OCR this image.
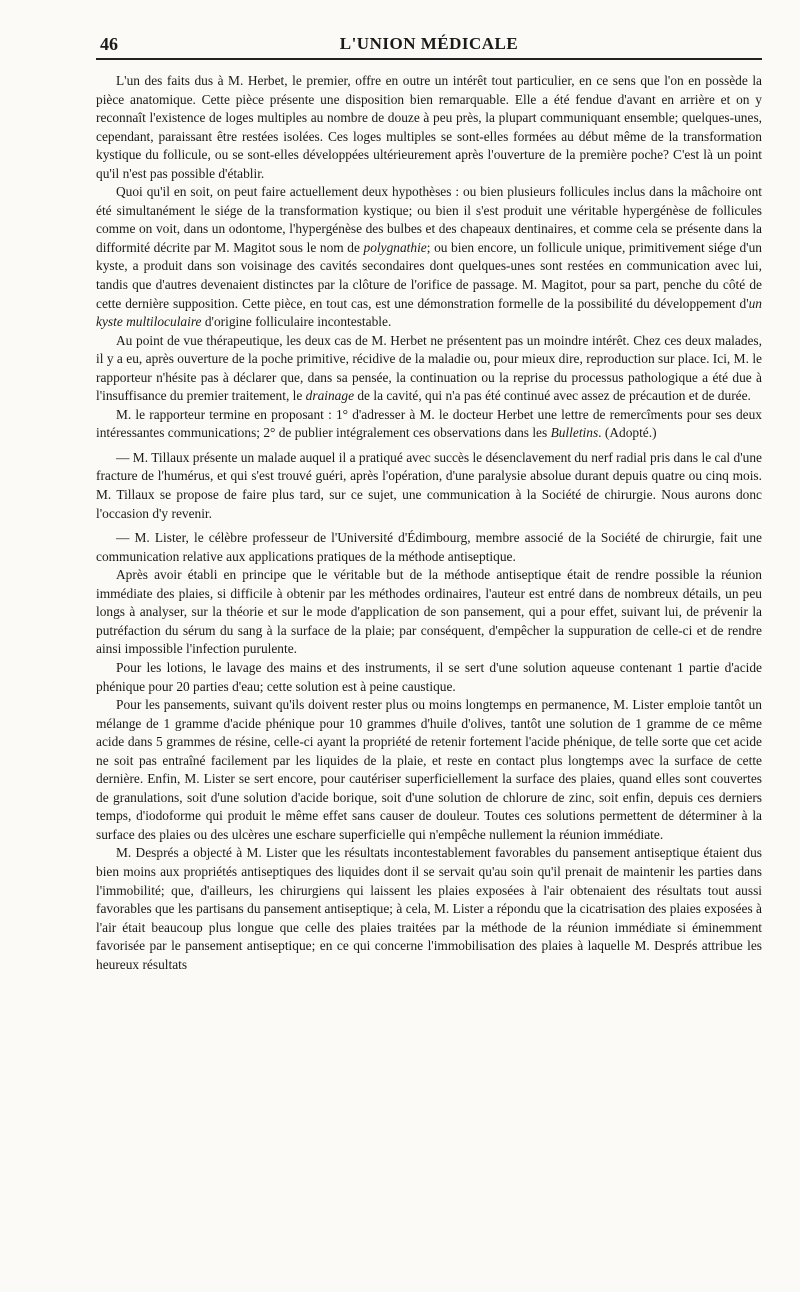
46	L'UNION MÉDICALE

L'un des faits dus à M. Herbet, le premier, offre en outre un intérêt tout particulier, en ce sens que l'on en possède la pièce anatomique. Cette pièce présente une disposition bien remarquable. Elle a été fendue d'avant en arrière et on y reconnaît l'existence de loges multiples au nombre de douze à peu près, la plupart communiquant ensemble; quelques-unes, cependant, paraissant être restées isolées. Ces loges multiples se sont-elles formées au début même de la transformation kystique du follicule, ou se sont-elles développées ultérieurement après l'ouverture de la première poche? C'est là un point qu'il n'est pas possible d'établir.

Quoi qu'il en soit, on peut faire actuellement deux hypothèses : ou bien plusieurs follicules inclus dans la mâchoire ont été simultanément le siége de la transformation kystique; ou bien il s'est produit une véritable hypergénèse de follicules comme on voit, dans un odontome, l'hypergénèse des bulbes et des chapeaux dentinaires, et comme cela se présente dans la difformité décrite par M. Magitot sous le nom de polygnathie; ou bien encore, un follicule unique, primitivement siége d'un kyste, a produit dans son voisinage des cavités secondaires dont quelques-unes sont restées en communication avec lui, tandis que d'autres devenaient distinctes par la clôture de l'orifice de passage. M. Magitot, pour sa part, penche du côté de cette dernière supposition. Cette pièce, en tout cas, est une démonstration formelle de la possibilité du développement d'un kyste multiloculaire d'origine folliculaire incontestable.

Au point de vue thérapeutique, les deux cas de M. Herbet ne présentent pas un moindre intérêt. Chez ces deux malades, il y a eu, après ouverture de la poche primitive, récidive de la maladie ou, pour mieux dire, reproduction sur place. Ici, M. le rapporteur n'hésite pas à déclarer que, dans sa pensée, la continuation ou la reprise du processus pathologique a été due à l'insuffisance du premier traitement, le drainage de la cavité, qui n'a pas été continué avec assez de précaution et de durée.

M. le rapporteur termine en proposant : 1° d'adresser à M. le docteur Herbet une lettre de remercîments pour ses deux intéressantes communications; 2° de publier intégralement ces observations dans les Bulletins. (Adopté.)

— M. Tillaux présente un malade auquel il a pratiqué avec succès le désenclavement du nerf radial pris dans le cal d'une fracture de l'humérus, et qui s'est trouvé guéri, après l'opération, d'une paralysie absolue durant depuis quatre ou cinq mois. M. Tillaux se propose de faire plus tard, sur ce sujet, une communication à la Société de chirurgie. Nous aurons donc l'occasion d'y revenir.

— M. Lister, le célèbre professeur de l'Université d'Édimbourg, membre associé de la Société de chirurgie, fait une communication relative aux applications pratiques de la méthode antiseptique.

Après avoir établi en principe que le véritable but de la méthode antiseptique était de rendre possible la réunion immédiate des plaies, si difficile à obtenir par les méthodes ordinaires, l'auteur est entré dans de nombreux détails, un peu longs à analyser, sur la théorie et sur le mode d'application de son pansement, qui a pour effet, suivant lui, de prévenir la putréfaction du sérum du sang à la surface de la plaie; par conséquent, d'empêcher la suppuration de celle-ci et de rendre ainsi impossible l'infection purulente.

Pour les lotions, le lavage des mains et des instruments, il se sert d'une solution aqueuse contenant 1 partie d'acide phénique pour 20 parties d'eau; cette solution est à peine caustique.

Pour les pansements, suivant qu'ils doivent rester plus ou moins longtemps en permanence, M. Lister emploie tantôt un mélange de 1 gramme d'acide phénique pour 10 grammes d'huile d'olives, tantôt une solution de 1 gramme de ce même acide dans 5 grammes de résine, celle-ci ayant la propriété de retenir fortement l'acide phénique, de telle sorte que cet acide ne soit pas entraîné facilement par les liquides de la plaie, et reste en contact plus longtemps avec la surface de cette dernière. Enfin, M. Lister se sert encore, pour cautériser superficiellement la surface des plaies, quand elles sont couvertes de granulations, soit d'une solution d'acide borique, soit d'une solution de chlorure de zinc, soit enfin, depuis ces derniers temps, d'iodoforme qui produit le même effet sans causer de douleur. Toutes ces solutions permettent de déterminer à la surface des plaies ou des ulcères une eschare superficielle qui n'empêche nullement la réunion immédiate.

M. Després a objecté à M. Lister que les résultats incontestablement favorables du pansement antiseptique étaient dus bien moins aux propriétés antiseptiques des liquides dont il se servait qu'au soin qu'il prenait de maintenir les parties dans l'immobilité; que, d'ailleurs, les chirurgiens qui laissent les plaies exposées à l'air obtenaient des résultats tout aussi favorables que les partisans du pansement antiseptique; à cela, M. Lister a répondu que la cicatrisation des plaies exposées à l'air était beaucoup plus longue que celle des plaies traitées par la méthode de la réunion immédiate si éminemment favorisée par le pansement antiseptique; en ce qui concerne l'immobilisation des plaies à laquelle M. Després attribue les heureux résultats
